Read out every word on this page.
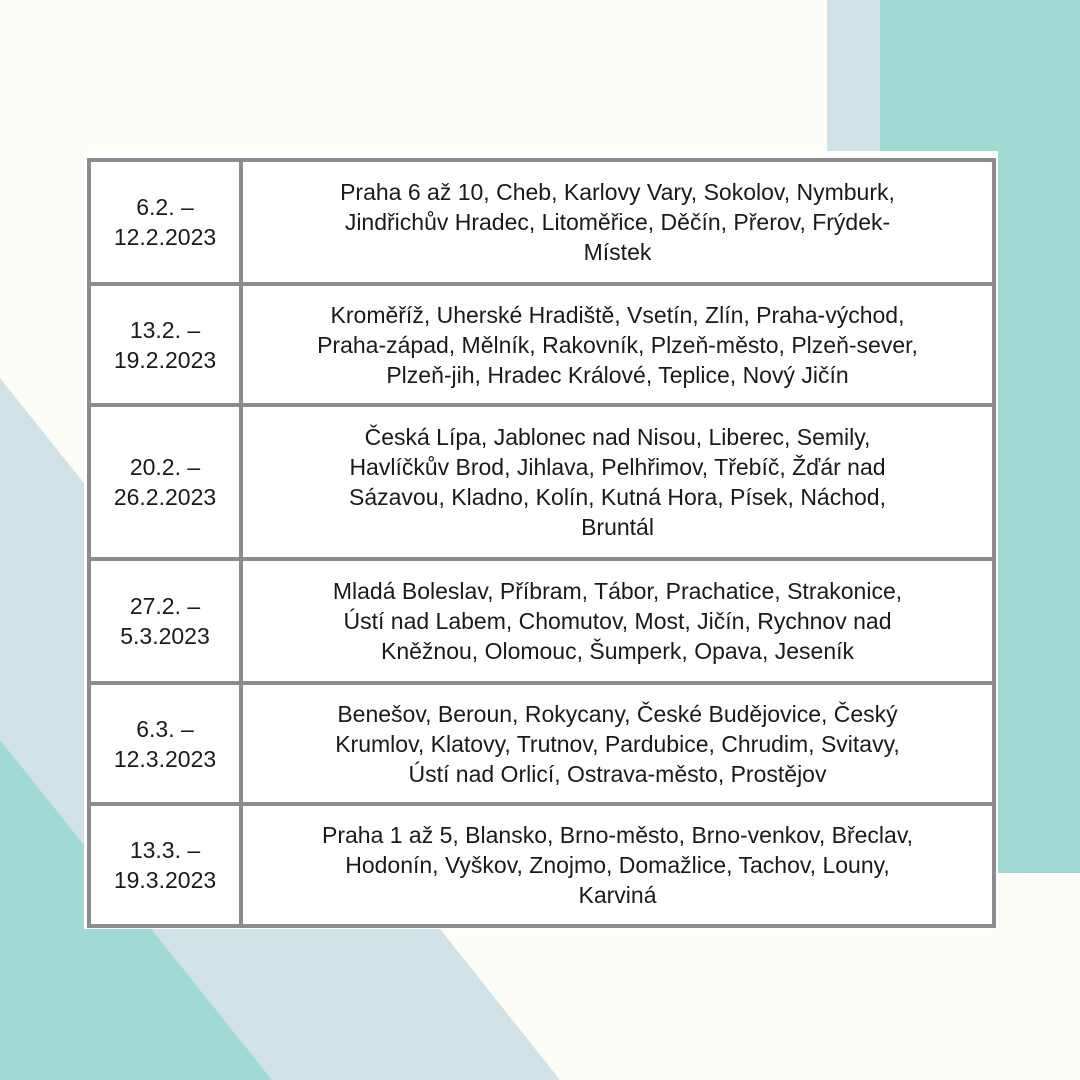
6.2. –
12.2.2023	Praha 6 až 10, Cheb, Karlovy Vary, Sokolov, Nymburk,
Jindřichův Hradec, Litoměřice, Děčín, Přerov, Frýdek-
Místek

13.2. –
19.2.2023	Kroměříž, Uherské Hradiště, Vsetín, Zlín, Praha-východ,
Praha-západ, Mělník, Rakovník, Plzeň-město, Plzeň-sever,
Plzeň-jih, Hradec Králové, Teplice, Nový Jičín

20.2. –
26.2.2023	Česká Lípa, Jablonec nad Nisou, Liberec, Semily,
Havlíčkův Brod, Jihlava, Pelhřimov, Třebíč, Žďár nad
Sázavou, Kladno, Kolín, Kutná Hora, Písek, Náchod,
Bruntál

27.2. –
5.3.2023	Mladá Boleslav, Příbram, Tábor, Prachatice, Strakonice,
Ústí nad Labem, Chomutov, Most, Jičín, Rychnov nad
Kněžnou, Olomouc, Šumperk, Opava, Jeseník

6.3. –
12.3.2023	Benešov, Beroun, Rokycany, České Budějovice, Český
Krumlov, Klatovy, Trutnov, Pardubice, Chrudim, Svitavy,
Ústí nad Orlicí, Ostrava-město, Prostějov

13.3. –
19.3.2023	Praha 1 až 5, Blansko, Brno-město, Brno-venkov, Břeclav,
Hodonín, Vyškov, Znojmo, Domažlice, Tachov, Louny,
Karviná
